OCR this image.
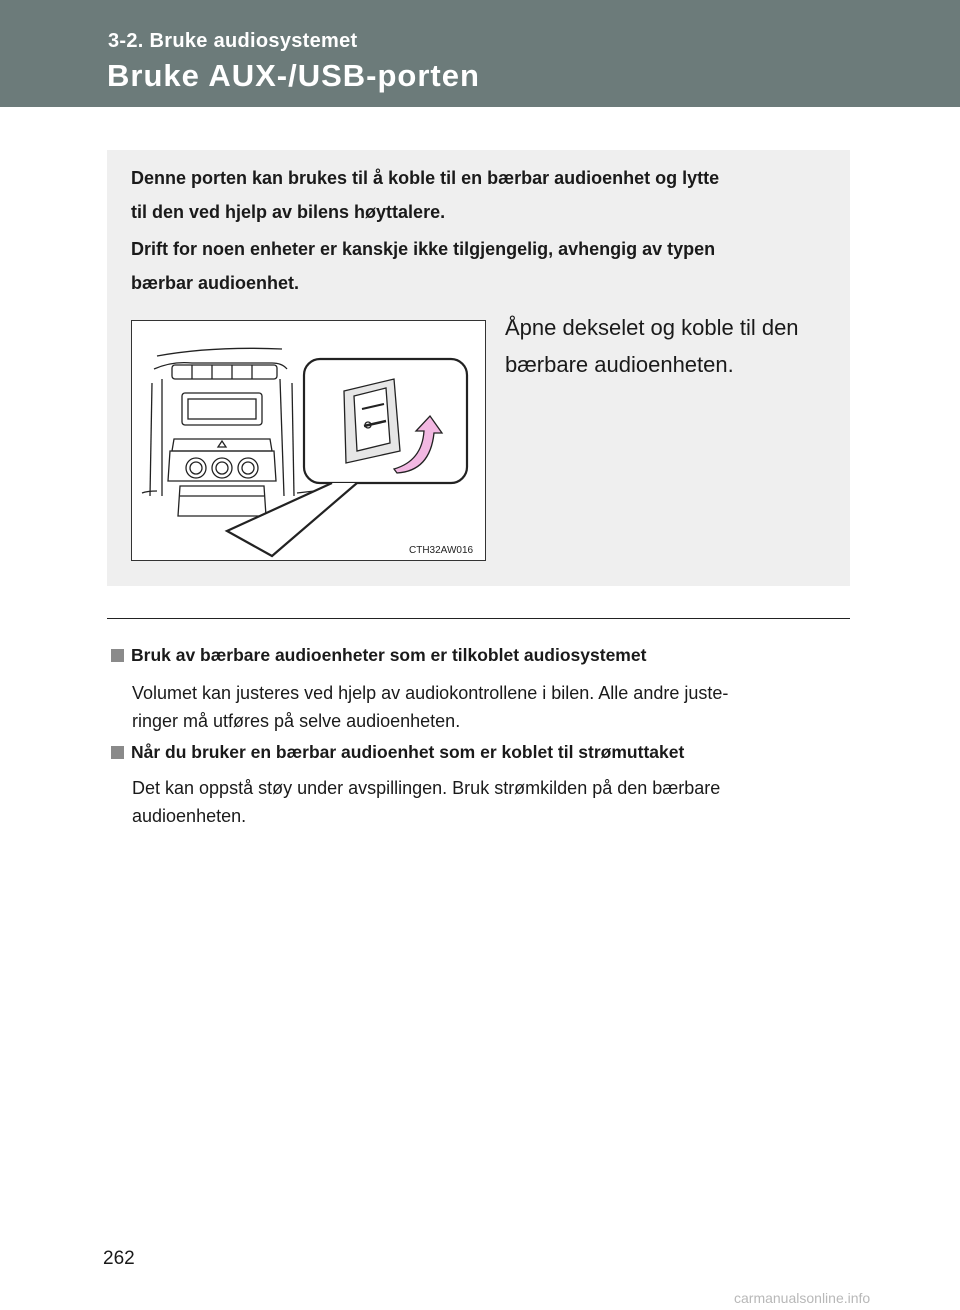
3-2. Bruke audiosystemet
Bruke AUX-/USB-porten

Denne porten kan brukes til å koble til en bærbar audioenhet og lytte
til den ved hjelp av bilens høyttalere.

Drift for noen enheter er kanskje ikke tilgjengelig, avhengig av typen
bærbar audioenhet.

CTH32AW016

Åpne dekselet og koble til den
bærbare audioenheten.

Bruk av bærbare audioenheter som er tilkoblet audiosystemet

Volumet kan justeres ved hjelp av audiokontrollene i bilen. Alle andre juste-
ringer må utføres på selve audioenheten.

Når du bruker en bærbar audioenhet som er koblet til strømuttaket

Det kan oppstå støy under avspillingen. Bruk strømkilden på den bærbare
audioenheten.

262
carmanualsonline.info
